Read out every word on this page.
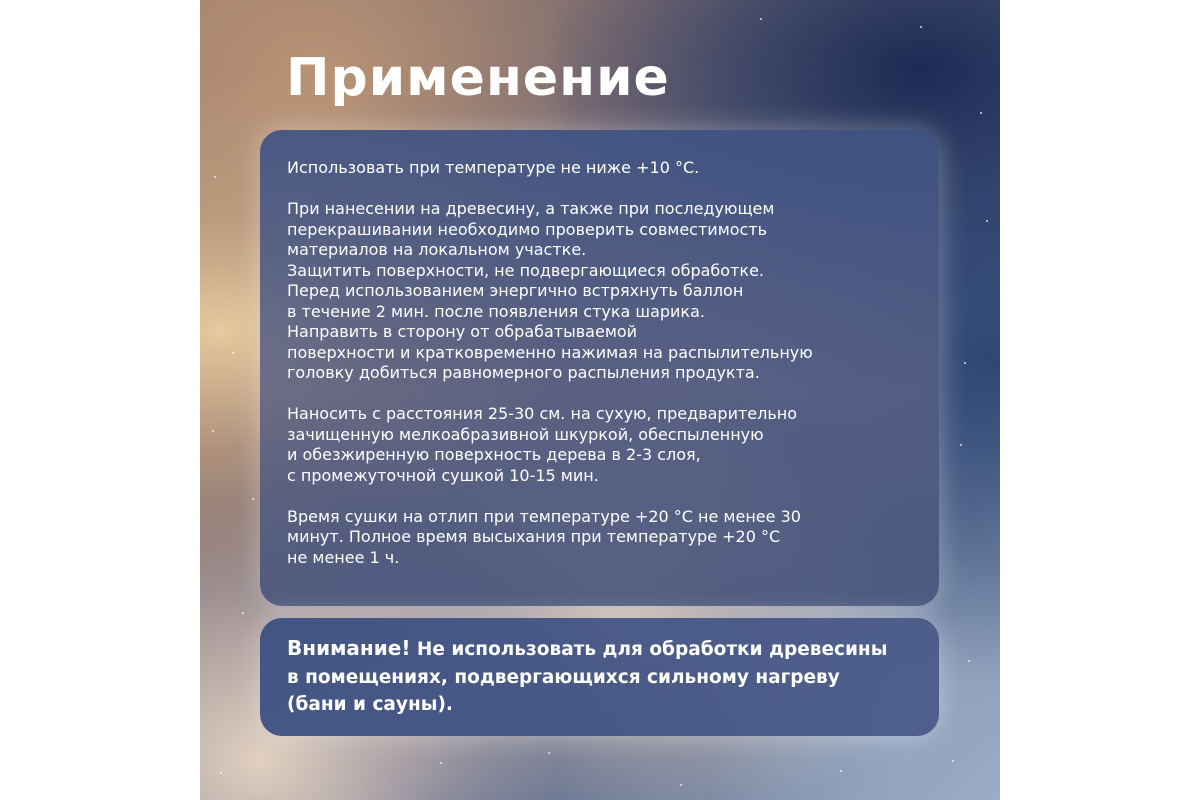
Применение

Использовать при температуре не ниже +10 °С.

При нанесении на древесину, а также при последующем
перекрашивании необходимо проверить совместимость
материалов на локальном участке.
Защитить поверхности, не подвергающиеся обработке.
Перед использованием энергично встряхнуть баллон
в течение 2 мин. после появления стука шарика.
Направить в сторону от обрабатываемой
поверхности и кратковременно нажимая на распылительную
головку добиться равномерного распыления продукта.

Наносить с расстояния 25-30 см. на сухую, предварительно
зачищенную мелкоабразивной шкуркой, обеспыленную
и обезжиренную поверхность дерева в 2-3 слоя,
с промежуточной сушкой 10-15 мин.

Время сушки на отлип при температуре +20 °С не менее 30
минут. Полное время высыхания при температуре +20 °С
не менее 1 ч.

Внимание! Не использовать для обработки древесины
в помещениях, подвергающихся сильному нагреву
(бани и сауны).
